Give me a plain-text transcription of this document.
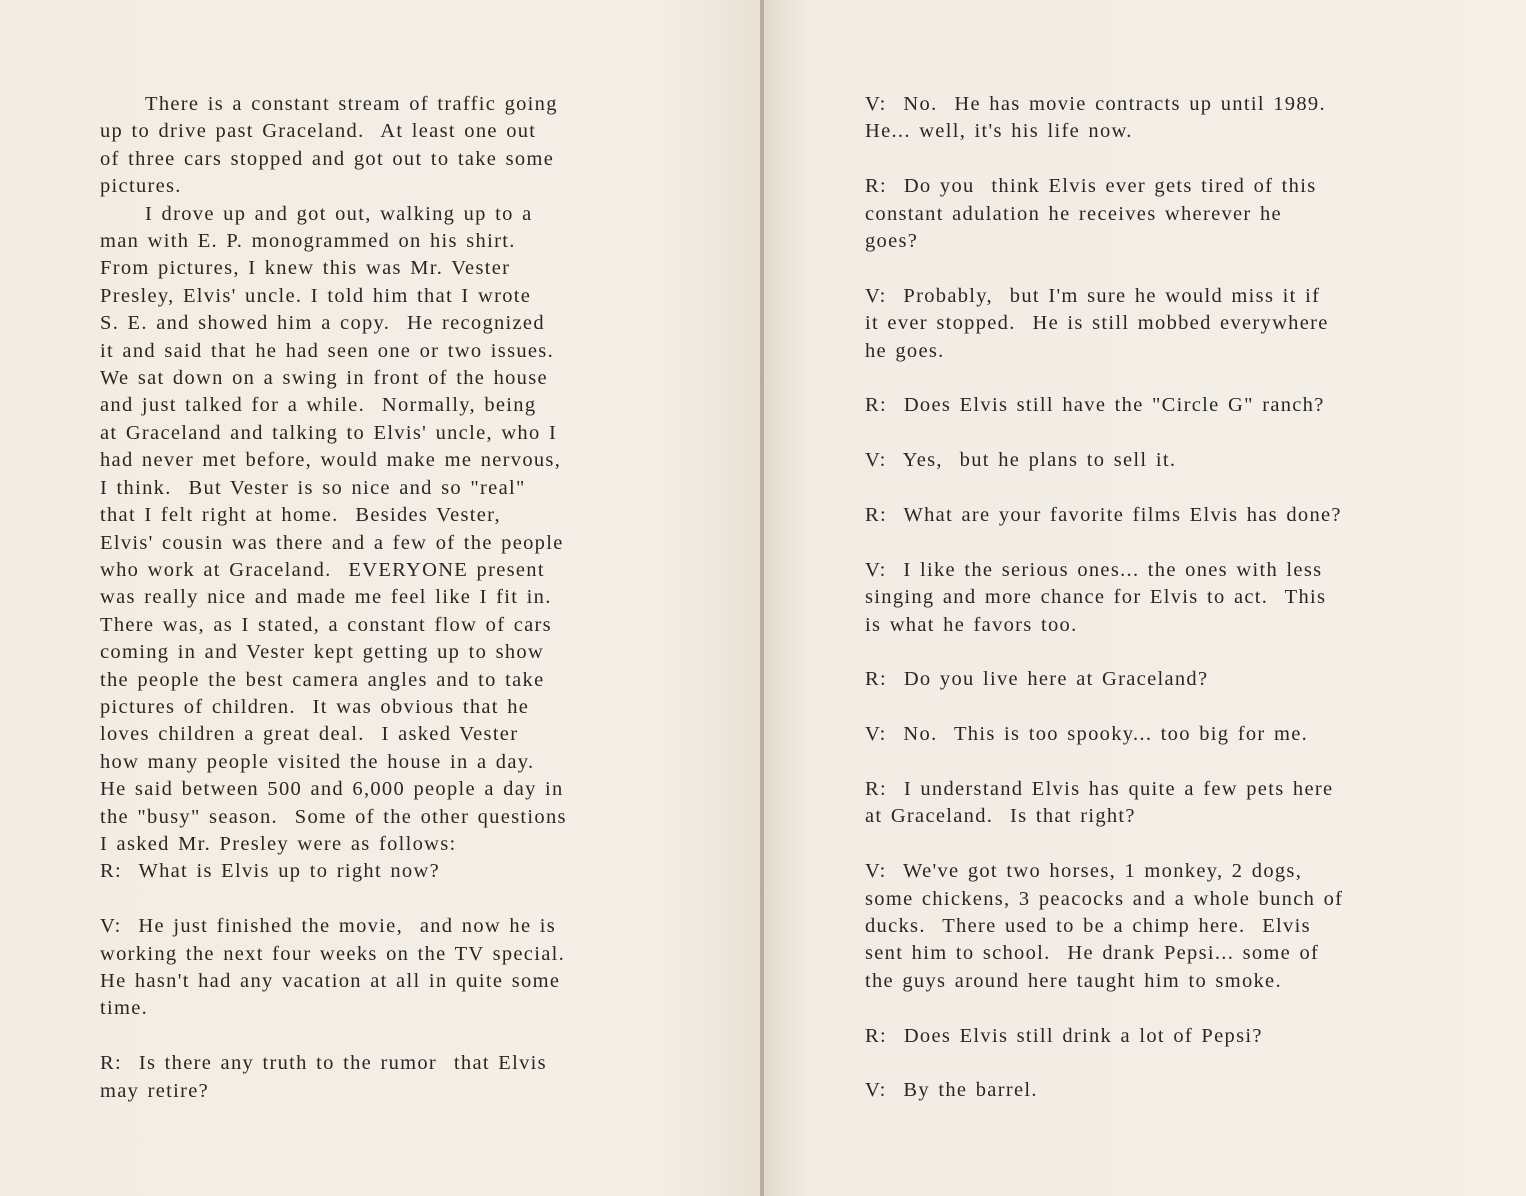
There is a constant stream of traffic going
up to drive past Graceland.  At least one out
of three cars stopped and got out to take some
pictures.
I drove up and got out, walking up to a
man with E. P. monogrammed on his shirt.
From pictures, I knew this was Mr. Vester
Presley, Elvis' uncle. I told him that I wrote
S. E. and showed him a copy.  He recognized
it and said that he had seen one or two issues.
We sat down on a swing in front of the house
and just talked for a while.  Normally, being
at Graceland and talking to Elvis' uncle, who I
had never met before, would make me nervous,
I think.  But Vester is so nice and so "real"
that I felt right at home.  Besides Vester,
Elvis' cousin was there and a few of the people
who work at Graceland.  EVERYONE present
was really nice and made me feel like I fit in.
There was, as I stated, a constant flow of cars
coming in and Vester kept getting up to show
the people the best camera angles and to take
pictures of children.  It was obvious that he
loves children a great deal.  I asked Vester
how many people visited the house in a day.
He said between 500 and 6,000 people a day in
the "busy" season.  Some of the other questions
I asked Mr. Presley were as follows:
R:  What is Elvis up to right now?
V:  He just finished the movie,  and now he is
working the next four weeks on the TV special.
He hasn't had any vacation at all in quite some
time.
R:  Is there any truth to the rumor  that Elvis
may retire?
V:  No.  He has movie contracts up until 1989.
He... well, it's his life now.
R:  Do you  think Elvis ever gets tired of this
constant adulation he receives wherever he
goes?
V:  Probably,  but I'm sure he would miss it if
it ever stopped.  He is still mobbed everywhere
he goes.
R:  Does Elvis still have the "Circle G" ranch?
V:  Yes,  but he plans to sell it.
R:  What are your favorite films Elvis has done?
V:  I like the serious ones... the ones with less
singing and more chance for Elvis to act.  This
is what he favors too.
R:  Do you live here at Graceland?
V:  No.  This is too spooky... too big for me.
R:  I understand Elvis has quite a few pets here
at Graceland.  Is that right?
V:  We've got two horses, 1 monkey, 2 dogs,
some chickens, 3 peacocks and a whole bunch of
ducks.  There used to be a chimp here.  Elvis
sent him to school.  He drank Pepsi... some of
the guys around here taught him to smoke.
R:  Does Elvis still drink a lot of Pepsi?
V:  By the barrel.
